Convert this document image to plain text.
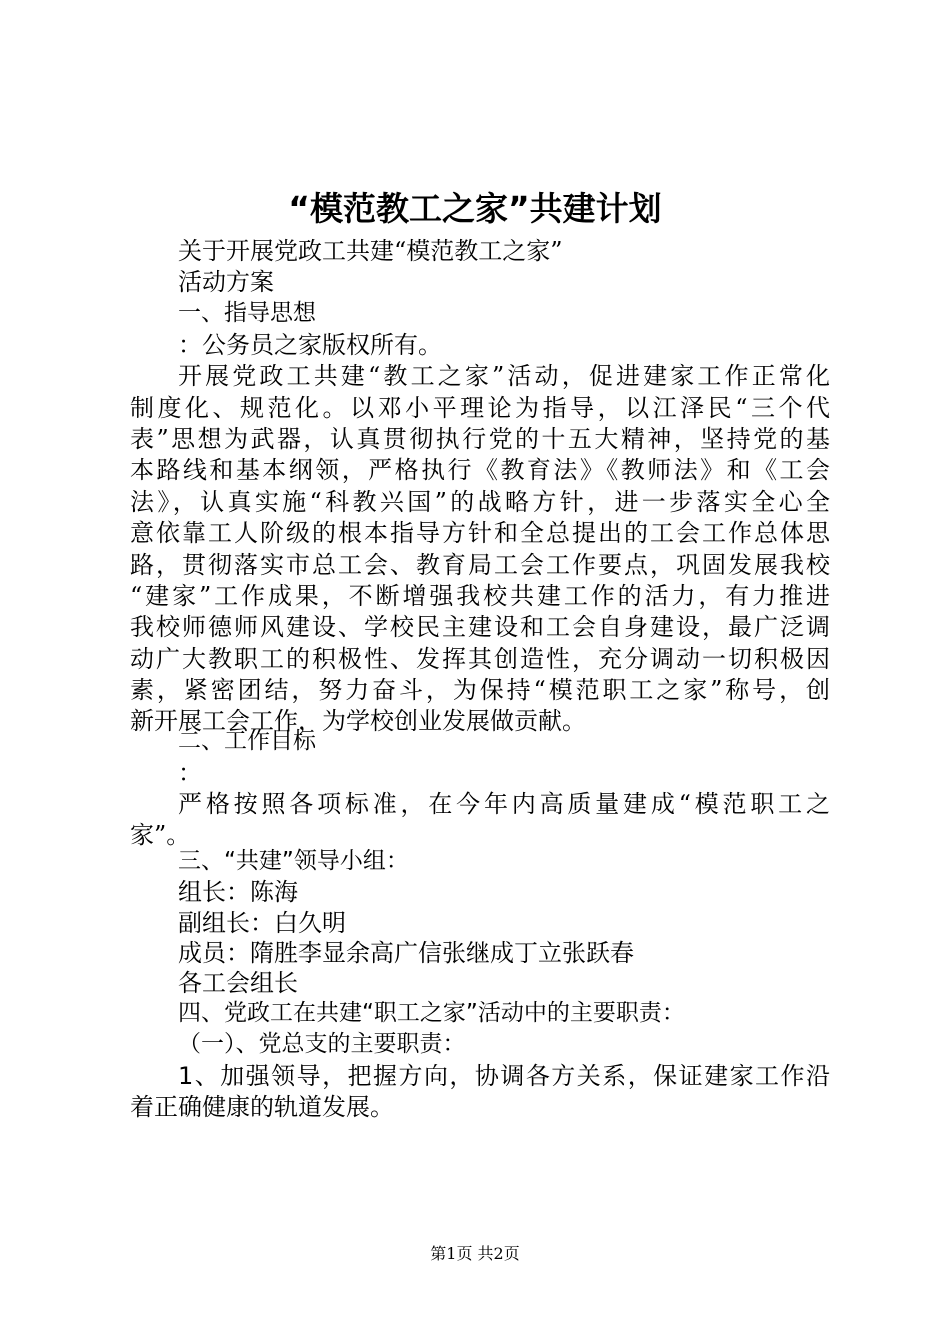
“模范教工之家”共建计划
关于开展党政工共建“模范教工之家”
活动方案
一、指导思想
：公务员之家版权所有。
开展党政工共建“教工之家”活动，促进建家工作正常化
制度化、规范化。以邓小平理论为指导，以江泽民“三个代
表”思想为武器，认真贯彻执行党的十五大精神，坚持党的基
本路线和基本纲领，严格执行《教育法》《教师法》和《工会
法》，认真实施“科教兴国”的战略方针，进一步落实全心全
意依靠工人阶级的根本指导方针和全总提出的工会工作总体思
路，贯彻落实市总工会、教育局工会工作要点，巩固发展我校
“建家”工作成果，不断增强我校共建工作的活力，有力推进
我校师德师风建设、学校民主建设和工会自身建设，最广泛调
动广大教职工的积极性、发挥其创造性，充分调动一切积极因
素，紧密团结，努力奋斗，为保持“模范职工之家”称号，创
新开展工会工作，为学校创业发展做贡献。
二、工作目标
：
严格按照各项标准，在今年内高质量建成“模范职工之
家”。
三、“共建”领导小组：
组长：陈海
副组长：白久明
成员：隋胜李显余高广信张继成丁立张跃春
各工会组长
四、党政工在共建“职工之家”活动中的主要职责：
（一）、党总支的主要职责：
1、加强领导，把握方向，协调各方关系，保证建家工作沿
着正确健康的轨道发展。
第1页 共2页
